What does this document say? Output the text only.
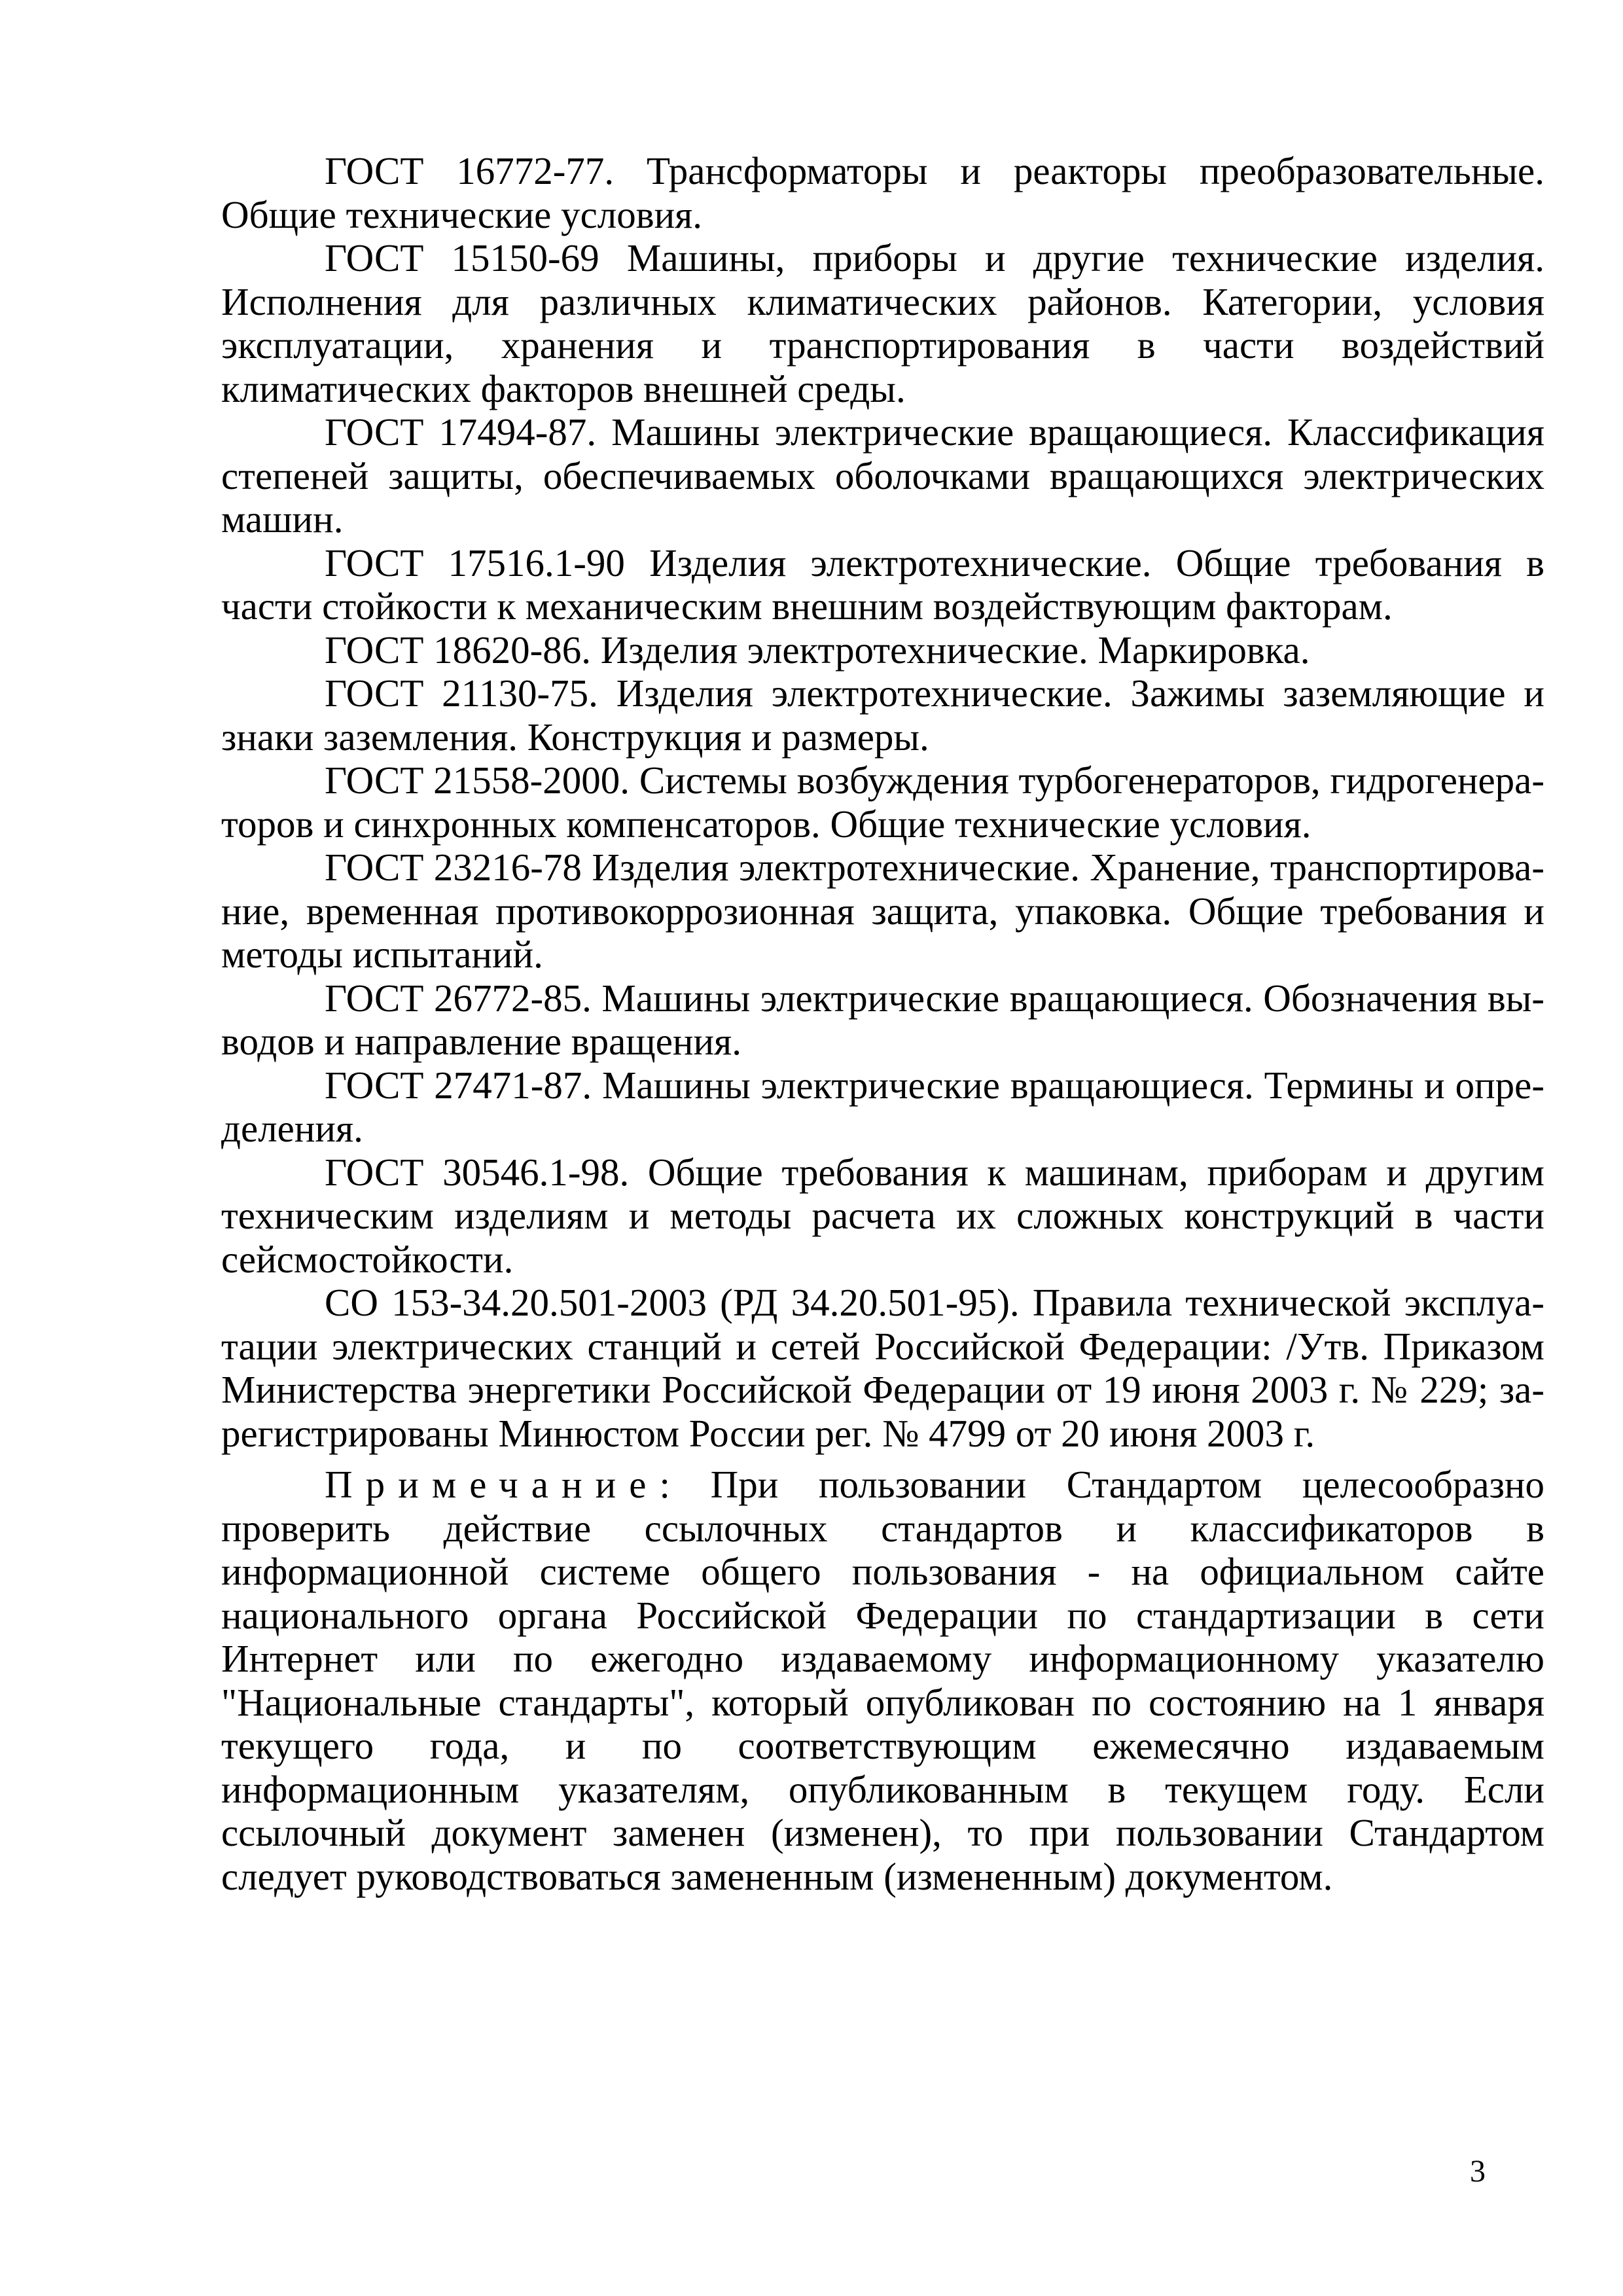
ГОСТ 16772-77. Трансформаторы и реакторы преобразовательные. Общие технические условия.

ГОСТ 15150-69 Машины, приборы и другие технические изделия. Исполнения для различных климатических районов. Категории, условия эксплуатации, хранения и транспортирования в части воздействий климатических факторов внешней среды.

ГОСТ 17494-87. Машины электрические вращающиеся. Классификация степеней защиты, обеспечиваемых оболочками вращающихся электрических машин.

ГОСТ 17516.1-90 Изделия электротехнические. Общие требования в части стойкости к механическим внешним воздействующим факторам.

ГОСТ 18620-86. Изделия электротехнические. Маркировка.

ГОСТ 21130-75. Изделия электротехнические. Зажимы заземляющие и знаки заземления. Конструкция и размеры.

ГОСТ 21558-2000. Системы возбуждения турбогенераторов, гидрогенераторов и синхронных компенсаторов. Общие технические условия.

ГОСТ 23216-78 Изделия электротехнические. Хранение, транспортирование, временная противокоррозионная защита, упаковка. Общие требования и методы испытаний.

ГОСТ 26772-85. Машины электрические вращающиеся. Обозначения выводов и направление вращения.

ГОСТ 27471-87. Машины электрические вращающиеся. Термины и определения.

ГОСТ 30546.1-98. Общие требования к машинам, приборам и другим техническим изделиям и методы расчета их сложных конструкций в части сейсмостойкости.

СО 153-34.20.501-2003 (РД 34.20.501-95). Правила технической эксплуатации электрических станций и сетей Российской Федерации: /Утв. Приказом Министерства энергетики Российской Федерации от 19 июня 2003 г. № 229; зарегистрированы Минюстом России рег. № 4799 от 20 июня 2003 г.

Примечание: При пользовании Стандартом целесообразно проверить действие ссылочных стандартов и классификаторов в информационной системе общего пользования - на официальном сайте национального органа Российской Федерации по стандартизации в сети Интернет или по ежегодно издаваемому информационному указателю "Национальные стандарты", который опубликован по состоянию на 1 января текущего года, и по соответствующим ежемесячно издаваемым информационным указателям, опубликованным в текущем году. Если ссылочный документ заменен (изменен), то при пользовании Стандартом следует руководствоваться замененным (измененным) документом.

3
